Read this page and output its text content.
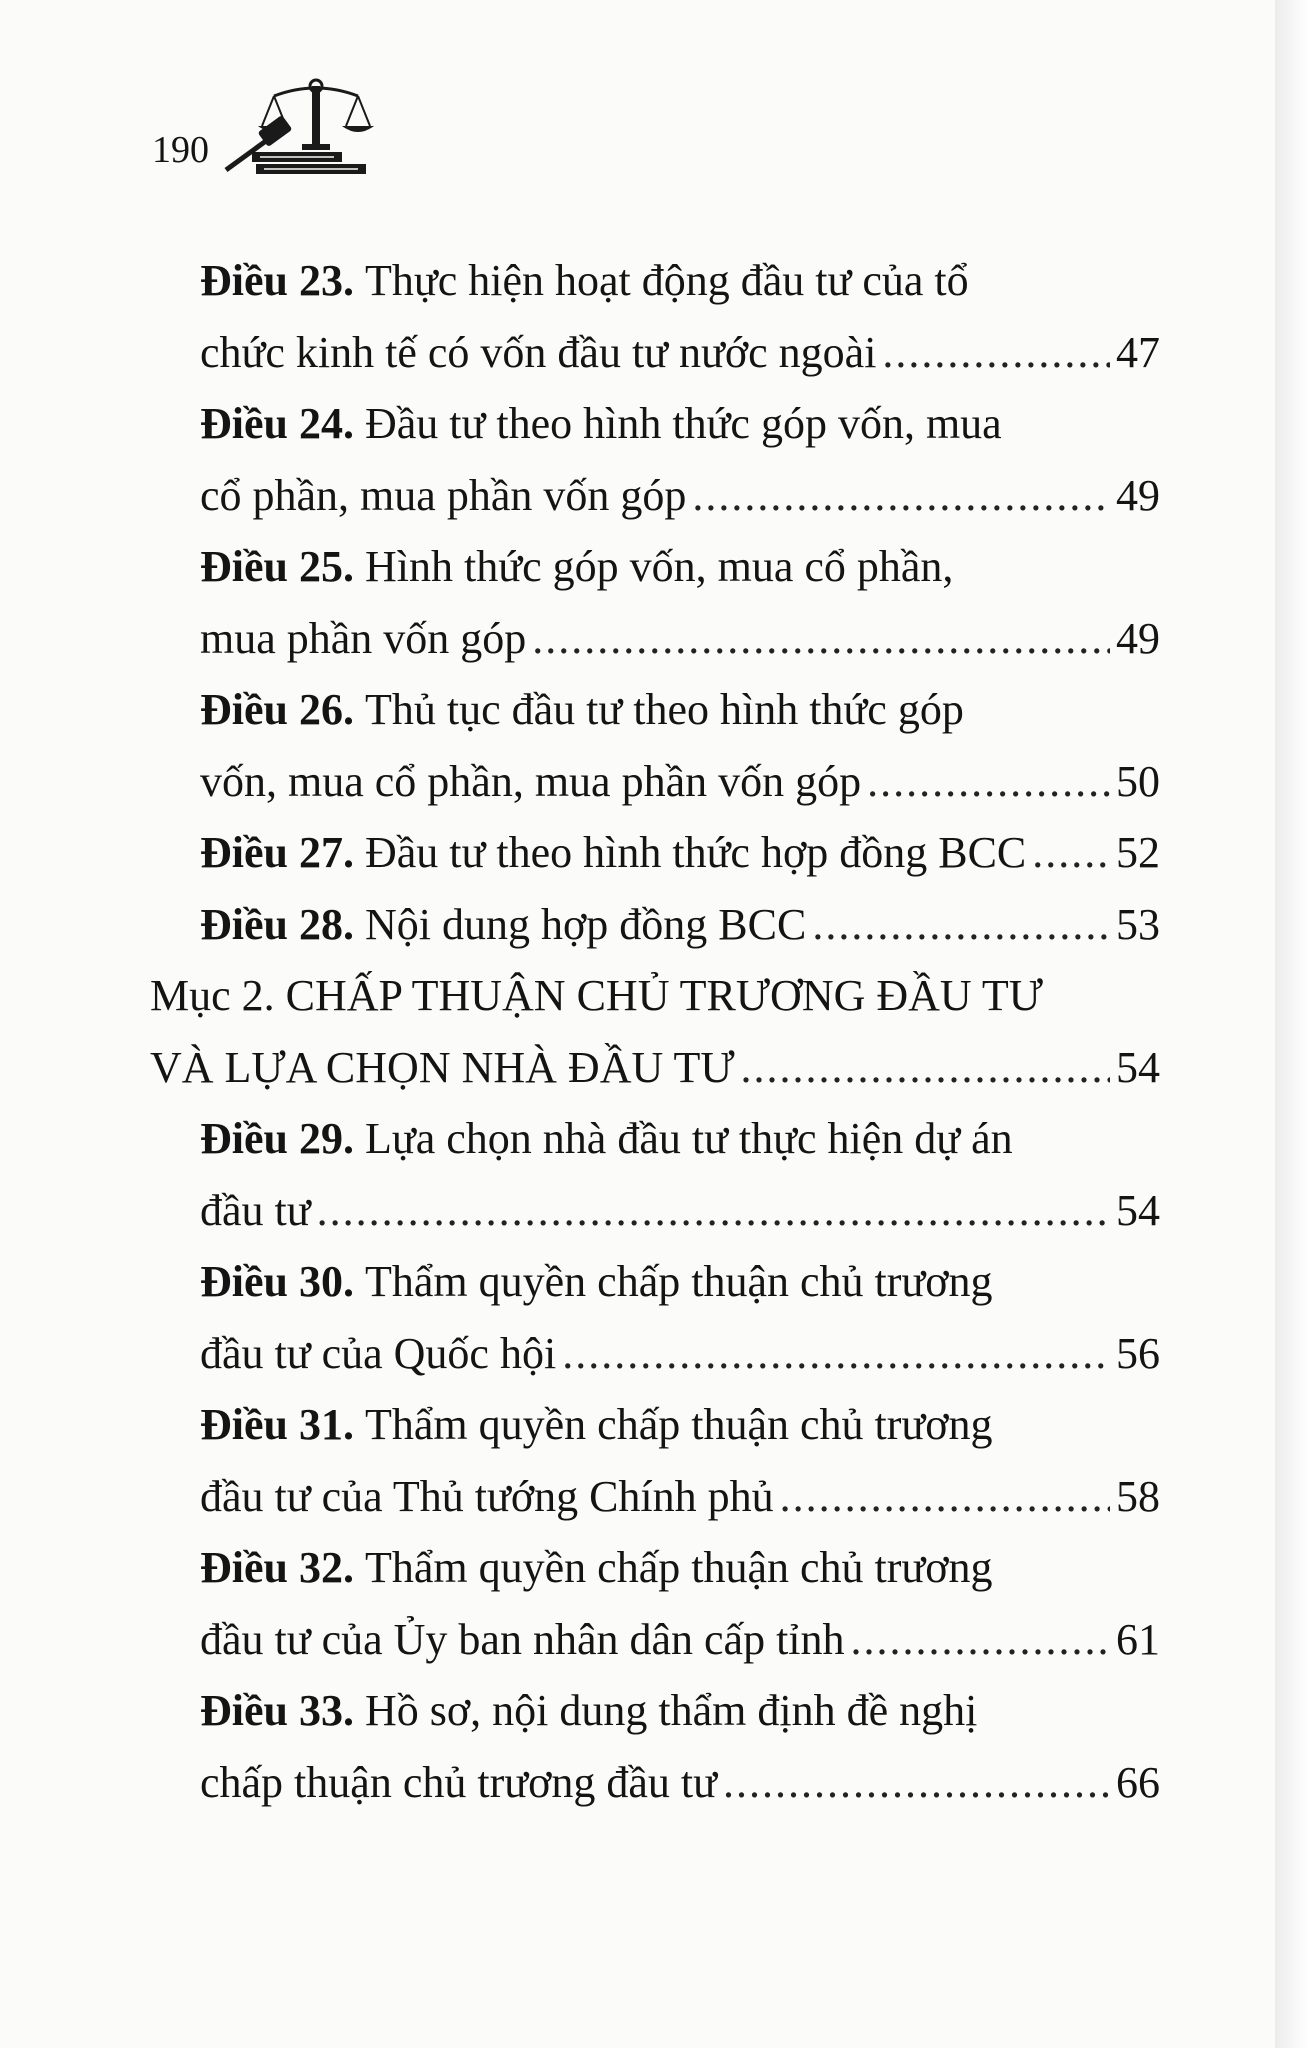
190
Điều 23.
Thực hiện hoạt động đầu tư của tổ
chức kinh tế có vốn đầu tư nước ngoài .....	47
Điều 24.
Đầu tư theo hình thức góp vốn, mua
cổ phần, mua phần vốn góp .....	49
Điều 25.
Hình thức góp vốn, mua cổ phần,
mua phần vốn góp .....	49
Điều 26.
Thủ tục đầu tư theo hình thức góp
vốn, mua cổ phần, mua phần vốn góp .....	50
Điều 27.
Đầu tư theo hình thức hợp đồng BCC ..... 52
Điều 28.
Nội dung hợp đồng BCC .....	53
Mục 2. CHẤP THUẬN CHỦ TRƯƠNG ĐẦU TƯ
VÀ LỰA CHỌN NHÀ ĐẦU TƯ .....	54
Điều 29.
Lựa chọn nhà đầu tư thực hiện dự án
đầu tư .....	54
Điều 30.
Thẩm quyền chấp thuận chủ trương
đầu tư của Quốc hội .....	56
Điều 31.
Thẩm quyền chấp thuận chủ trương
đầu tư của Thủ tướng Chính phủ .....	58
Điều 32.
Thẩm quyền chấp thuận chủ trương
đầu tư của Ủy ban nhân dân cấp tỉnh .....	61
Điều 33.
Hồ sơ, nội dung thẩm định đề nghị
chấp thuận chủ trương đầu tư .....	66
